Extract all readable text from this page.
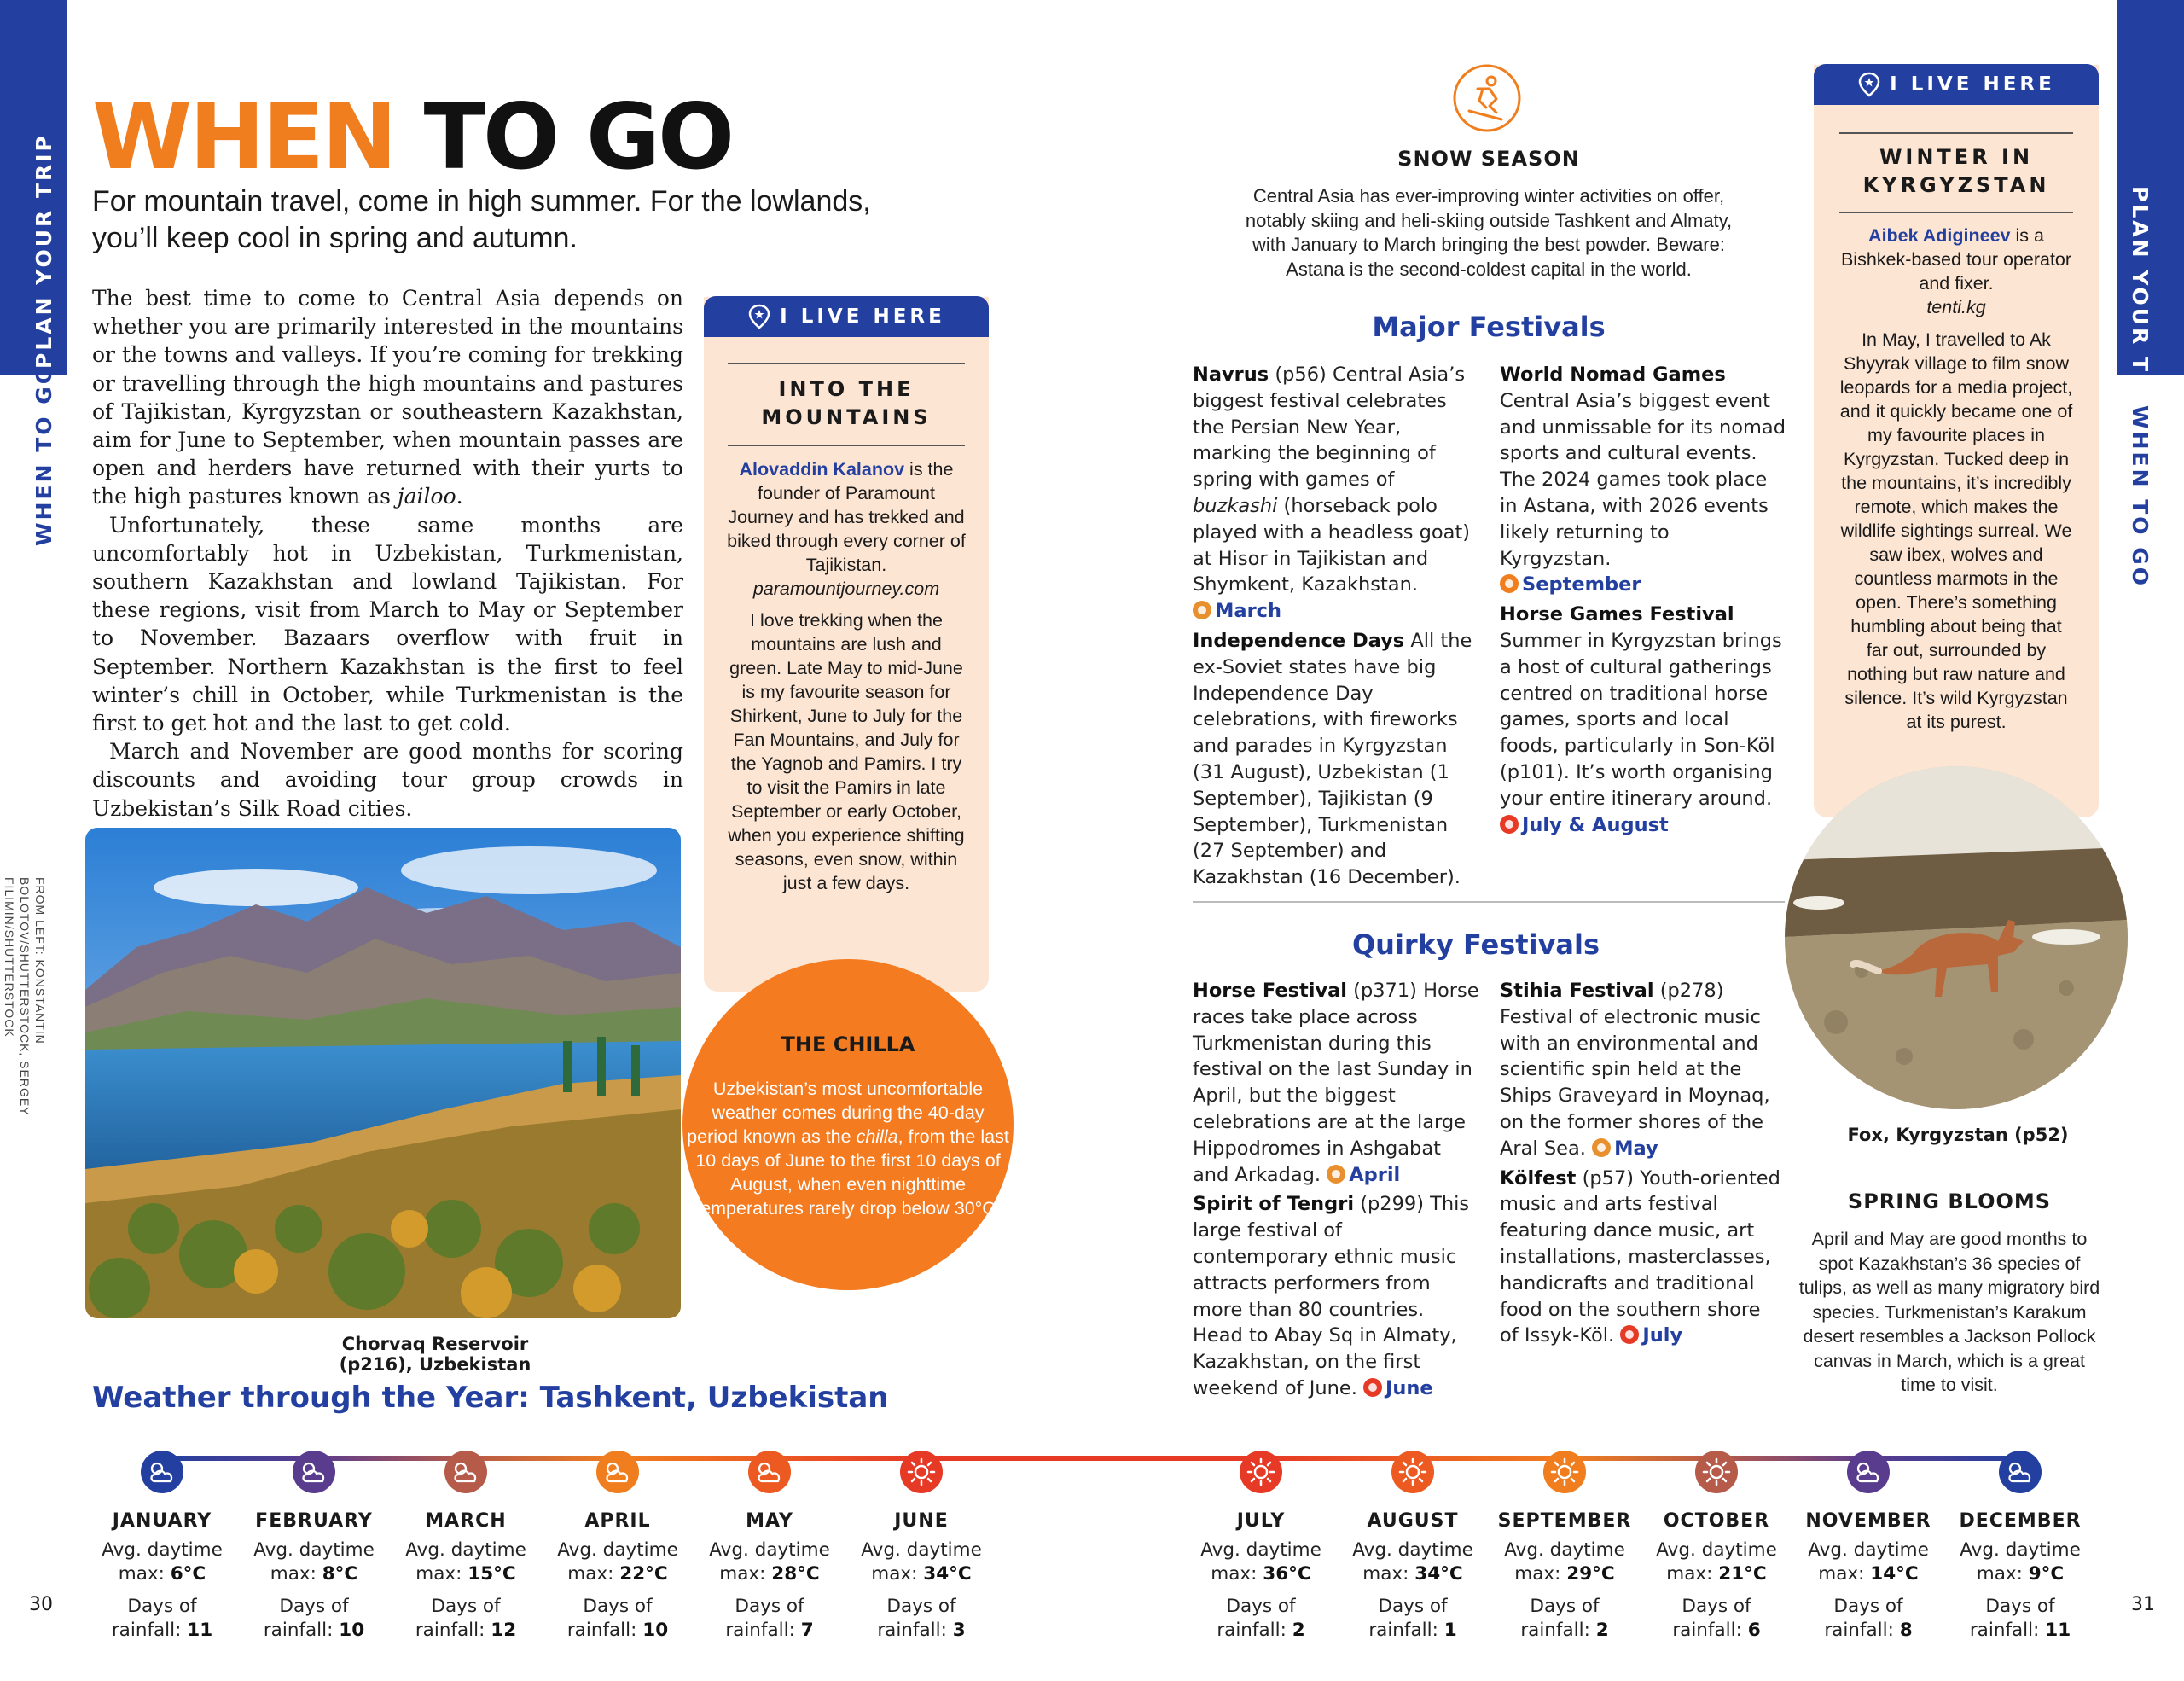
PLAN YOUR TRIP
WHEN TO GO
PLAN YOUR TRIP
WHEN TO GO
WHEN TO GO
For mountain travel, come in high summer. For the lowlands, you’ll keep cool in spring and autumn.

The best time to come to Central Asia depends on whether you are primarily interested in the mountains or the towns and valleys. If you’re coming for trekking or travelling through the high mountains and pastures of Tajikistan, Kyrgyzstan or southeastern Kazakhstan, aim for June to September, when mountain passes are open and herders have returned with their yurts to the high pastures known as jailoo.

Unfortunately, these same months are uncomfortably hot in Uzbekistan, Turkmenistan, southern Kazakhstan and lowland Tajikistan. For these regions, visit from March to May or September to November. Bazaars overflow with fruit in September. Northern Kazakhstan is the first to feel winter’s chill in October, while Turkmenistan is the first to get hot and the last to get cold.

March and November are good months for scoring discounts and avoiding tour group crowds in Uzbekistan’s Silk Road cities.

FROM LEFT: KONSTANTIN BOLOTOV/SHUTTERSTOCK, SERGEY FILIMIN/SHUTTERSTOCK
Chorvaq Reservoir (p216), Uzbekistan
I LIVE HERE
INTO THE MOUNTAINS
Alovaddin Kalanov is the founder of Paramount Journey and has trekked and biked through every corner of Tajikistan.
paramountjourney.com
I love trekking when the mountains are lush and green. Late May to mid-June is my favourite season for Shirkent, June to July for the Fan Mountains, and July for the Yagnob and Pamirs. I try to visit the Pamirs in late September or early October, when you experience shifting seasons, even snow, within just a few days.
THE CHILLA
Uzbekistan’s most uncomfortable weather comes during the 40-day period known as the chilla, from the last 10 days of June to the first 10 days of August, when even nighttime temperatures rarely drop below 30°C.
SNOW SEASON
Central Asia has ever-improving winter activities on offer, notably skiing and heli-skiing outside Tashkent and Almaty, with January to March bringing the best powder. Beware: Astana is the second-coldest capital in the world.
Major Festivals
Navrus (p56) Central Asia’s biggest festival celebrates the Persian New Year, marking the beginning of spring with games of buzkashi (horseback polo played with a headless goat) at Hisor in Tajikistan and Shymkent, Kazakhstan.
March
Independence Days All the ex-Soviet states have big Independence Day celebrations, with fireworks and parades in Kyrgyzstan (31 August), Uzbekistan (1 September), Tajikistan (9 September), Turkmenistan (27 September) and Kazakhstan (16 December).
World Nomad Games Central Asia’s biggest event and unmissable for its nomad sports and cultural events. The 2024 games took place in Astana, with 2026 events likely returning to Kyrgyzstan.
September
Horse Games Festival Summer in Kyrgyzstan brings a host of cultural gatherings centred on traditional horse games, sports and local foods, particularly in Son-Köl (p101). It’s worth organising your entire itinerary around.
July & August
Quirky Festivals
Horse Festival (p371) Horse races take place across Turkmenistan during this festival on the last Sunday in April, but the biggest celebrations are at the large Hippodromes in Ashgabat and Arkadag. April
Spirit of Tengri (p299) This large festival of contemporary ethnic music attracts performers from more than 80 countries. Head to Abay Sq in Almaty, Kazakhstan, on the first weekend of June. June
Stihia Festival (p278) Festival of electronic music with an environmental and scientific spin held at the Ships Graveyard in Moynaq, on the former shores of the Aral Sea. May
Kölfest (p57) Youth-oriented music and arts festival featuring dance music, art installations, masterclasses, handicrafts and traditional food on the southern shore of Issyk-Köl. July
I LIVE HERE
WINTER IN KYRGYZSTAN
Aibek Adigineev is a Bishkek-based tour operator and fixer.
tenti.kg
In May, I travelled to Ak Shyyrak village to film snow leopards for a media project, and it quickly became one of my favourite places in Kyrgyzstan. Tucked deep in the mountains, it’s incredibly remote, which makes the wildlife sightings surreal. We saw ibex, wolves and countless marmots in the open. There’s something humbling about being that far out, surrounded by nothing but raw nature and silence. It’s wild Kyrgyzstan at its purest.
Fox, Kyrgyzstan (p52)
SPRING BLOOMS
April and May are good months to spot Kazakhstan’s 36 species of tulips, as well as many migratory bird species. Turkmenistan’s Karakum desert resembles a Jackson Pollock canvas in March, which is a great time to visit.
Weather through the Year: Tashkent, Uzbekistan
JANUARY
Avg. daytime
max: 6°C
Days of
rainfall: 11
FEBRUARY
Avg. daytime
max: 8°C
Days of
rainfall: 10
MARCH
Avg. daytime
max: 15°C
Days of
rainfall: 12
APRIL
Avg. daytime
max: 22°C
Days of
rainfall: 10
MAY
Avg. daytime
max: 28°C
Days of
rainfall: 7
JUNE
Avg. daytime
max: 34°C
Days of
rainfall: 3
JULY
Avg. daytime
max: 36°C
Days of
rainfall: 2
AUGUST
Avg. daytime
max: 34°C
Days of
rainfall: 1
SEPTEMBER
Avg. daytime
max: 29°C
Days of
rainfall: 2
OCTOBER
Avg. daytime
max: 21°C
Days of
rainfall: 6
NOVEMBER
Avg. daytime
max: 14°C
Days of
rainfall: 8
DECEMBER
Avg. daytime
max: 9°C
Days of
rainfall: 11
30	31
